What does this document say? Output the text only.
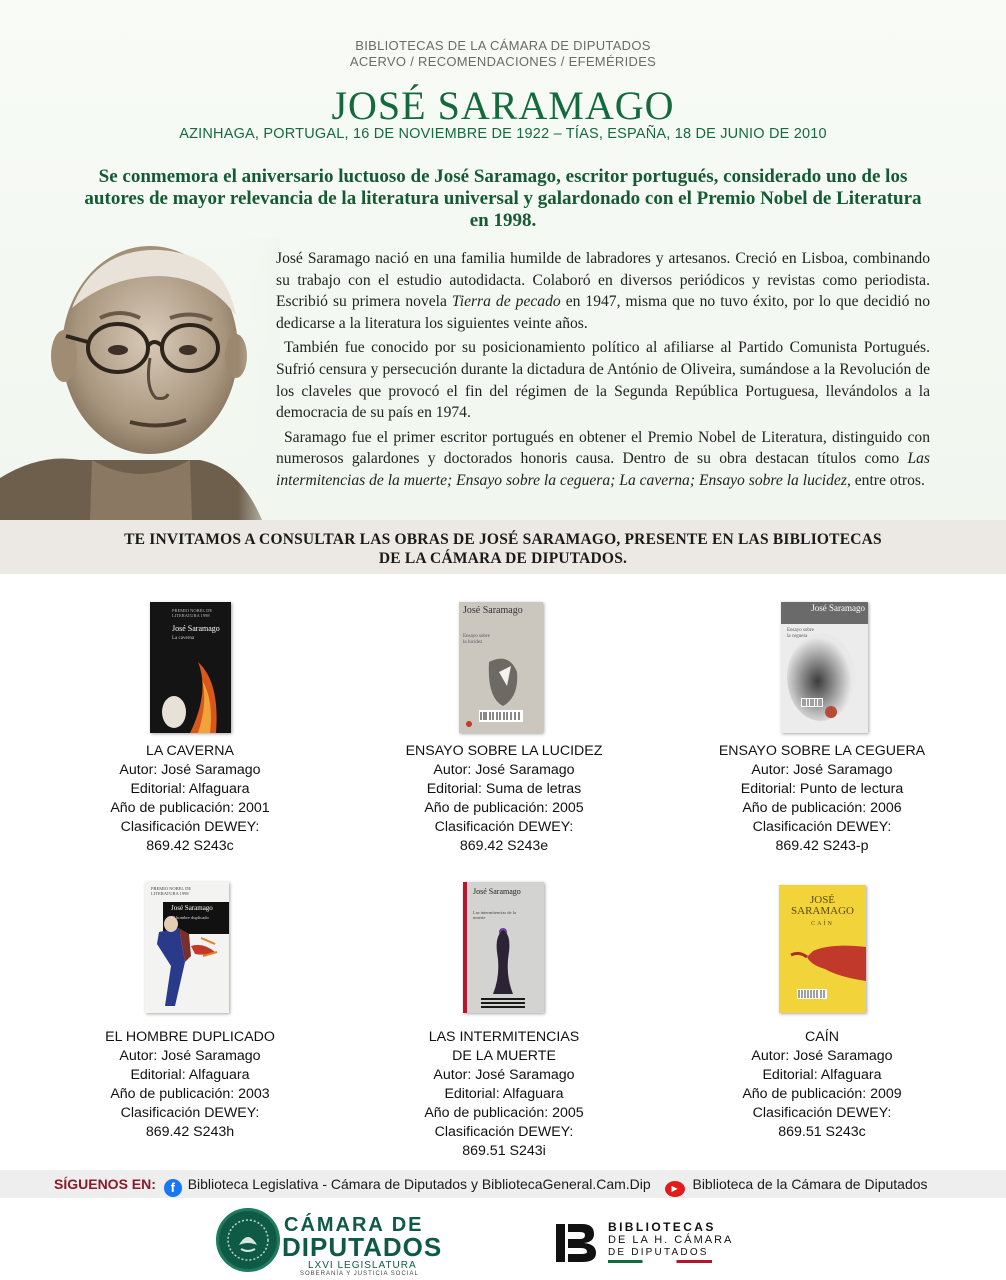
BIBLIOTECAS DE LA CÁMARA DE DIPUTADOS
ACERVO / RECOMENDACIONES / EFEMÉRIDES
JOSÉ SARAMAGO
AZINHAGA, PORTUGAL, 16 DE NOVIEMBRE DE 1922 – TÍAS, ESPAÑA, 18 DE JUNIO DE 2010
Se conmemora el aniversario luctuoso de José Saramago, escritor portugués, considerado uno de los autores de mayor relevancia de la literatura universal y galardonado con el Premio Nobel de Literatura en 1998.

José Saramago nació en una familia humilde de labradores y artesanos. Creció en Lisboa, combinando su trabajo con el estudio autodidacta. Colaboró en diversos periódicos y revistas como periodista. Escribió su primera novela Tierra de pecado en 1947, misma que no tuvo éxito, por lo que decidió no dedicarse a la literatura los siguientes veinte años.

También fue conocido por su posicionamiento político al afiliarse al Partido Comunista Portugués. Sufrió censura y persecución durante la dictadura de António de Oliveira, sumándose a la Revolución de los claveles que provocó el fin del régimen de la Segunda República Portuguesa, llevándolos a la democracia de su país en 1974.

Saramago fue el primer escritor portugués en obtener el Premio Nobel de Literatura, distinguido con numerosos galardones y doctorados honoris causa. Dentro de su obra destacan títulos como Las intermitencias de la muerte; Ensayo sobre la ceguera; La caverna; Ensayo sobre la lucidez, entre otros.

TE INVITAMOS A CONSULTAR LAS OBRAS DE JOSÉ SARAMAGO, PRESENTE EN LAS BIBLIOTECAS
DE LA CÁMARA DE DIPUTADOS.
PREMIO NOBEL DE LITERATURA 1998
José Saramago
La caverna
José Saramago
Ensayo sobre la lucidez
José Saramago
Ensayo sobre la ceguera
PREMIO NOBEL DE LITERATURA 1998
José Saramago
El hombre duplicado
José Saramago
Las intermitencias de la muerte
JOSÉ SARAMAGO
CAÍN
LA CAVERNA
Autor: José Saramago
Editorial: Alfaguara
Año de publicación: 2001
Clasificación DEWEY:
869.42 S243c
ENSAYO SOBRE LA LUCIDEZ
Autor: José Saramago
Editorial: Suma de letras
Año de publicación: 2005
Clasificación DEWEY:
869.42 S243e
ENSAYO SOBRE LA CEGUERA
Autor: José Saramago
Editorial: Punto de lectura
Año de publicación: 2006
Clasificación DEWEY:
869.42 S243-p
EL HOMBRE DUPLICADO
Autor: José Saramago
Editorial: Alfaguara
Año de publicación: 2003
Clasificación DEWEY:
869.42 S243h
LAS INTERMITENCIAS
DE LA MUERTE
Autor: José Saramago
Editorial: Alfaguara
Año de publicación: 2005
Clasificación DEWEY:
869.51 S243i
CAÍN
Autor: José Saramago
Editorial: Alfaguara
Año de publicación: 2009
Clasificación DEWEY:
869.51 S243c
SÍGUENOS EN: f Biblioteca Legislativa - Cámara de Diputados y BibliotecaGeneral.Cam.Dip	▶ Biblioteca de la Cámara de Diputados
CÁMARA DE
DIPUTADOS
LXVI LEGISLATURA
SOBERANÍA Y JUSTICIA SOCIAL
BIBLIOTECAS
DE LA H. CÁMARA
DE DIPUTADOS
